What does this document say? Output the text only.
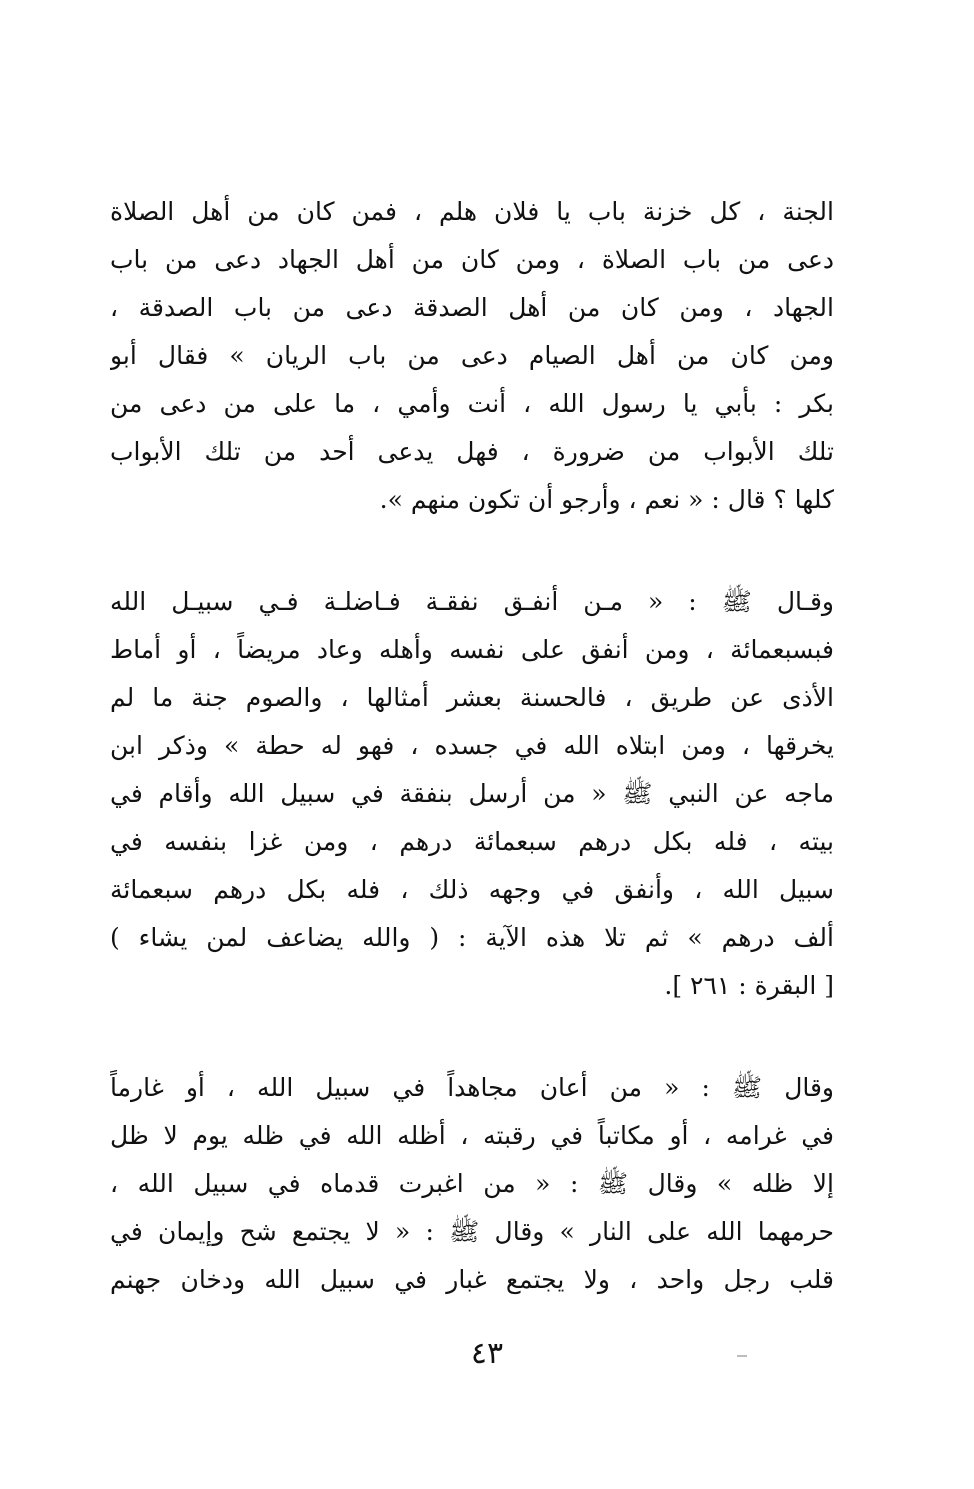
الجنة ، كل خزنة باب يا فلان هلم ، فمن كان من أهل الصلاة
دعى من باب الصلاة ، ومن كان من أهل الجهاد دعى من باب
الجهاد ، ومن كان من أهل الصدقة دعى من باب الصدقة ،
ومن كان من أهل الصيام دعى من باب الريان » فقال أبو
بكر : بأبي يا رسول الله ، أنت وأمي ، ما على من دعى من
تلك الأبواب من ضرورة ، فهل يدعى أحد من تلك الأبواب
كلها ؟ قال : « نعم ، وأرجو أن تكون منهم ».
وقـال ﷺ : « مـن أنفـق نفقـة فـاضلـة فـي سبيـل الله
فبسبعمائة ، ومن أنفق على نفسه وأهله وعاد مريضاً ، أو أماط
الأذى عن طريق ، فالحسنة بعشر أمثالها ، والصوم جنة ما لم
يخرقها ، ومن ابتلاه الله في جسده ، فهو له حطة » وذكر ابن
ماجه عن النبي ﷺ « من أرسل بنفقة في سبيل الله وأقام في
بيته ، فله بكل درهم سبعمائة درهم ، ومن غزا بنفسه في
سبيل الله ، وأنفق في وجهه ذلك ، فله بكل درهم سبعمائة
ألف درهم » ثم تلا هذه الآية : ( والله يضاعف لمن يشاء )
[ البقرة : ٢٦١ ].
وقال ﷺ : « من أعان مجاهداً في سبيل الله ، أو غارماً
في غرامه ، أو مكاتباً في رقبته ، أظله الله في ظله يوم لا ظل
إلا ظله » وقال ﷺ : « من اغبرت قدماه في سبيل الله ،
حرمهما الله على النار » وقال ﷺ : « لا يجتمع شح وإيمان في
قلب رجل واحد ، ولا يجتمع غبار في سبيل الله ودخان جهنم
٤٣
